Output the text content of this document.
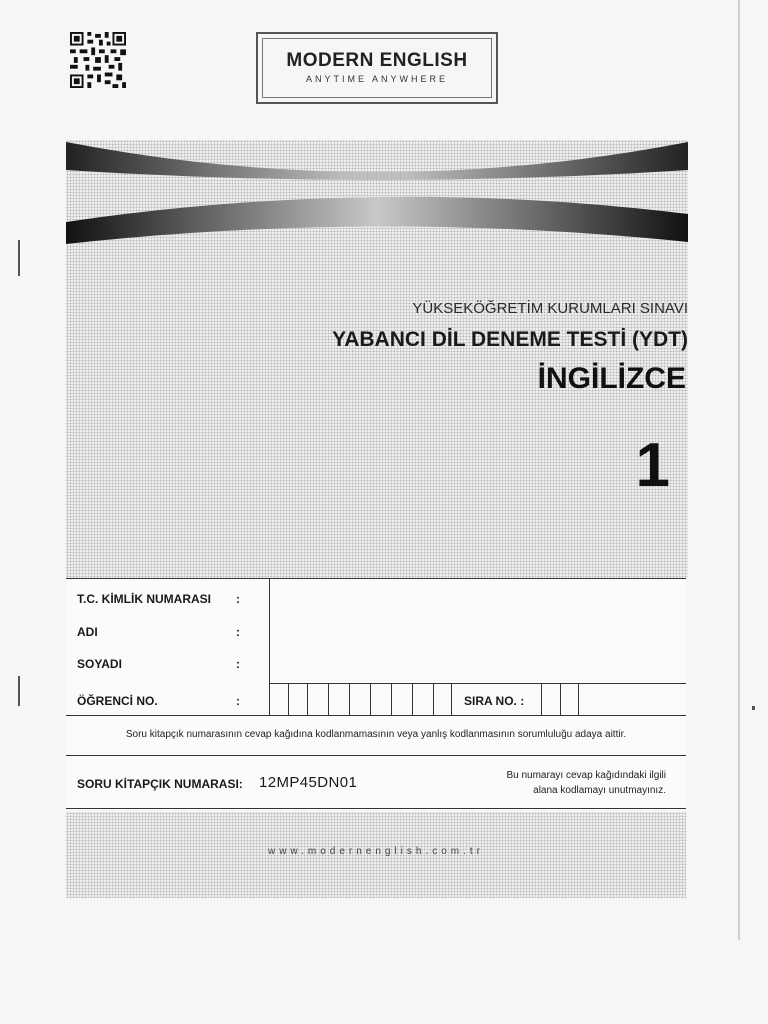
MODERN ENGLISH
ANYTIME ANYWHERE
YÜKSEKÖĞRETİM KURUMLARI SINAVI
YABANCI DİL DENEME TESTİ (YDT)
İNGİLİZCE
1
T.C. KİMLİK NUMARASI :
ADI	:
SOYADI	:
ÖĞRENCİ NO.	:	SIRA NO. :
Soru kitapçık numarasının cevap kağıdına kodlanmamasının veya yanlış kodlanmasının sorumluluğu adaya aittir.
SORU KİTAPÇIK NUMARASI: 12MP45DN01	Bu numarayı cevap kağıdındaki ilgili
alana kodlamayı unutmayınız.
www.modernenglish.com.tr
